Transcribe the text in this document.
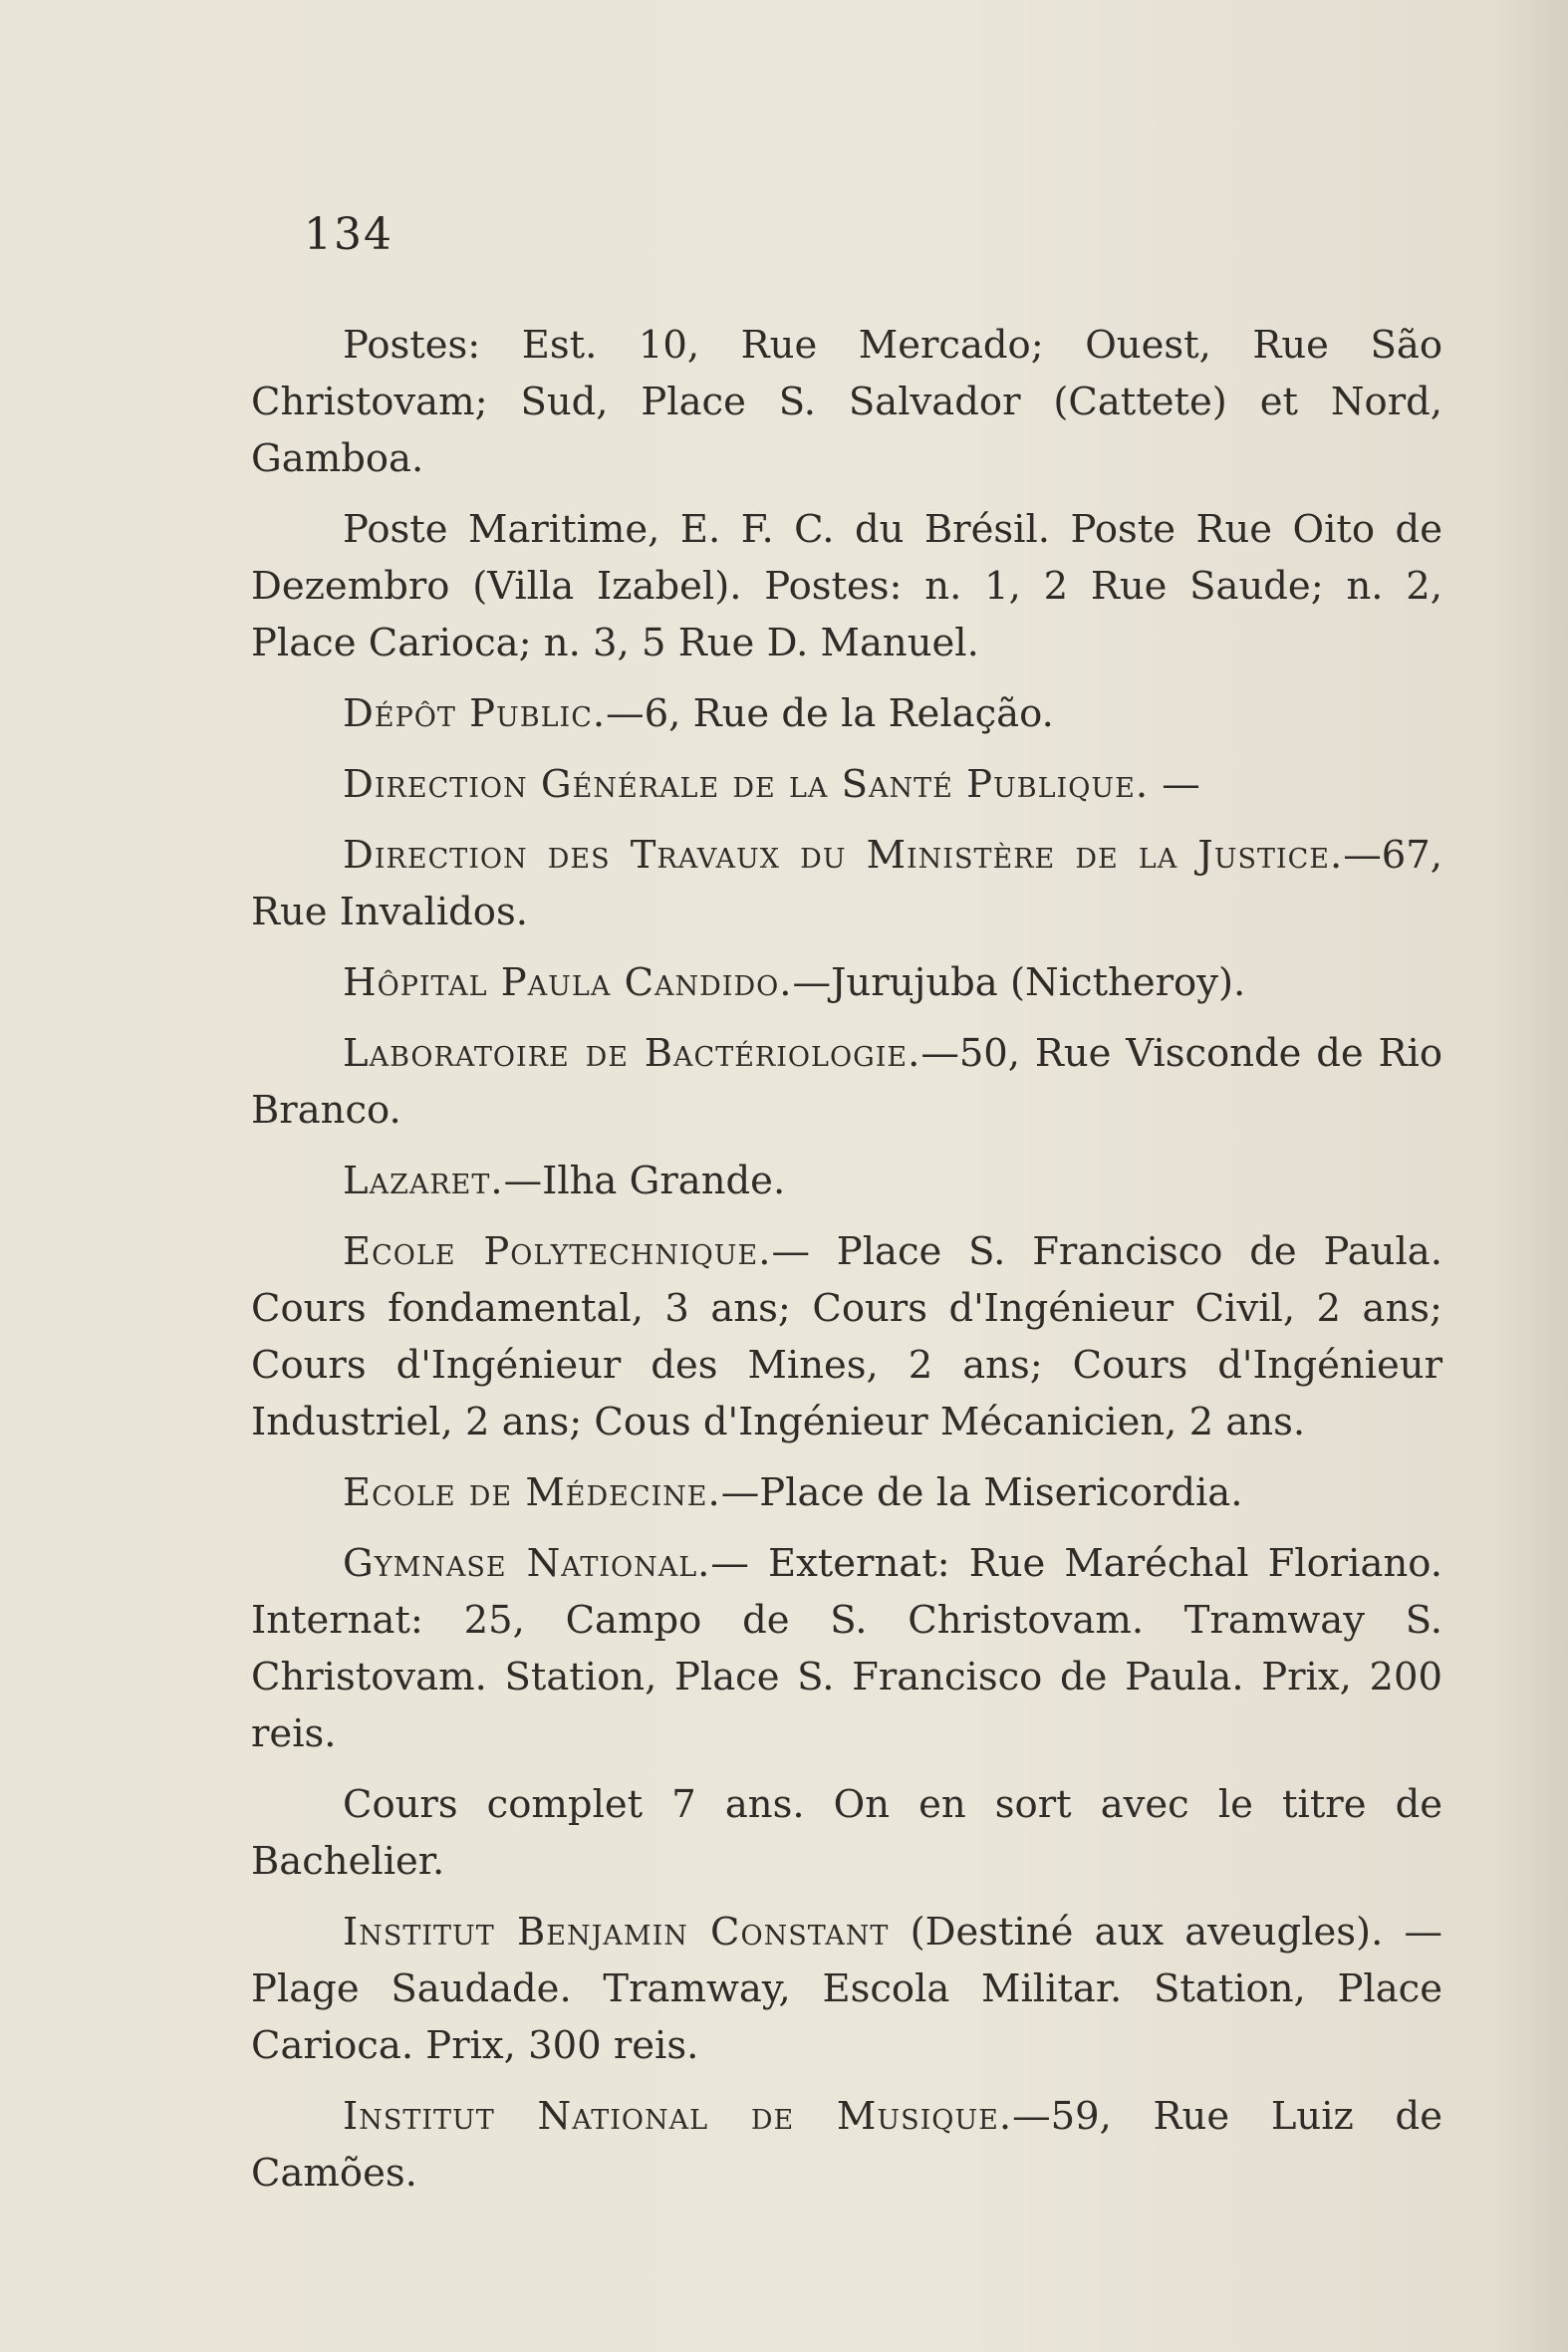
134

Postes: Est. 10, Rue Mercado; Ouest, Rue São Christovam; Sud, Place S. Salvador (Cattete) et Nord, Gamboa.

Poste Maritime, E. F. C. du Brésil. Poste Rue Oito de Dezembro (Villa Izabel). Postes: n. 1, 2 Rue Saude; n. 2, Place Carioca; n. 3, 5 Rue D. Manuel.

Dépôt Public.—6, Rue de la Relação.

Direction Générale de la Santé Publique. —

Direction des Travaux du Ministère de la Justice.—67, Rue Invalidos.

Hôpital Paula Candido.—Jurujuba (Nictheroy).

Laboratoire de Bactériologie.—50, Rue Visconde de Rio Branco.

Lazaret.—Ilha Grande.

Ecole Polytechnique.— Place S. Francisco de Paula. Cours fondamental, 3 ans; Cours d'Ingénieur Civil, 2 ans; Cours d'Ingénieur des Mines, 2 ans; Cours d'Ingénieur Industriel, 2 ans; Cous d'Ingénieur Mécanicien, 2 ans.

Ecole de Médecine.—Place de la Misericordia.

Gymnase National.— Externat: Rue Maréchal Floriano. Internat: 25, Campo de S. Christovam. Tramway S. Christovam. Station, Place S. Francisco de Paula. Prix, 200 reis.

Cours complet 7 ans. On en sort avec le titre de Bachelier.

Institut Benjamin Constant (Destiné aux aveugles). — Plage Saudade. Tramway, Escola Militar. Station, Place Carioca. Prix, 300 reis.

Institut National de Musique.—59, Rue Luiz de Camões.
